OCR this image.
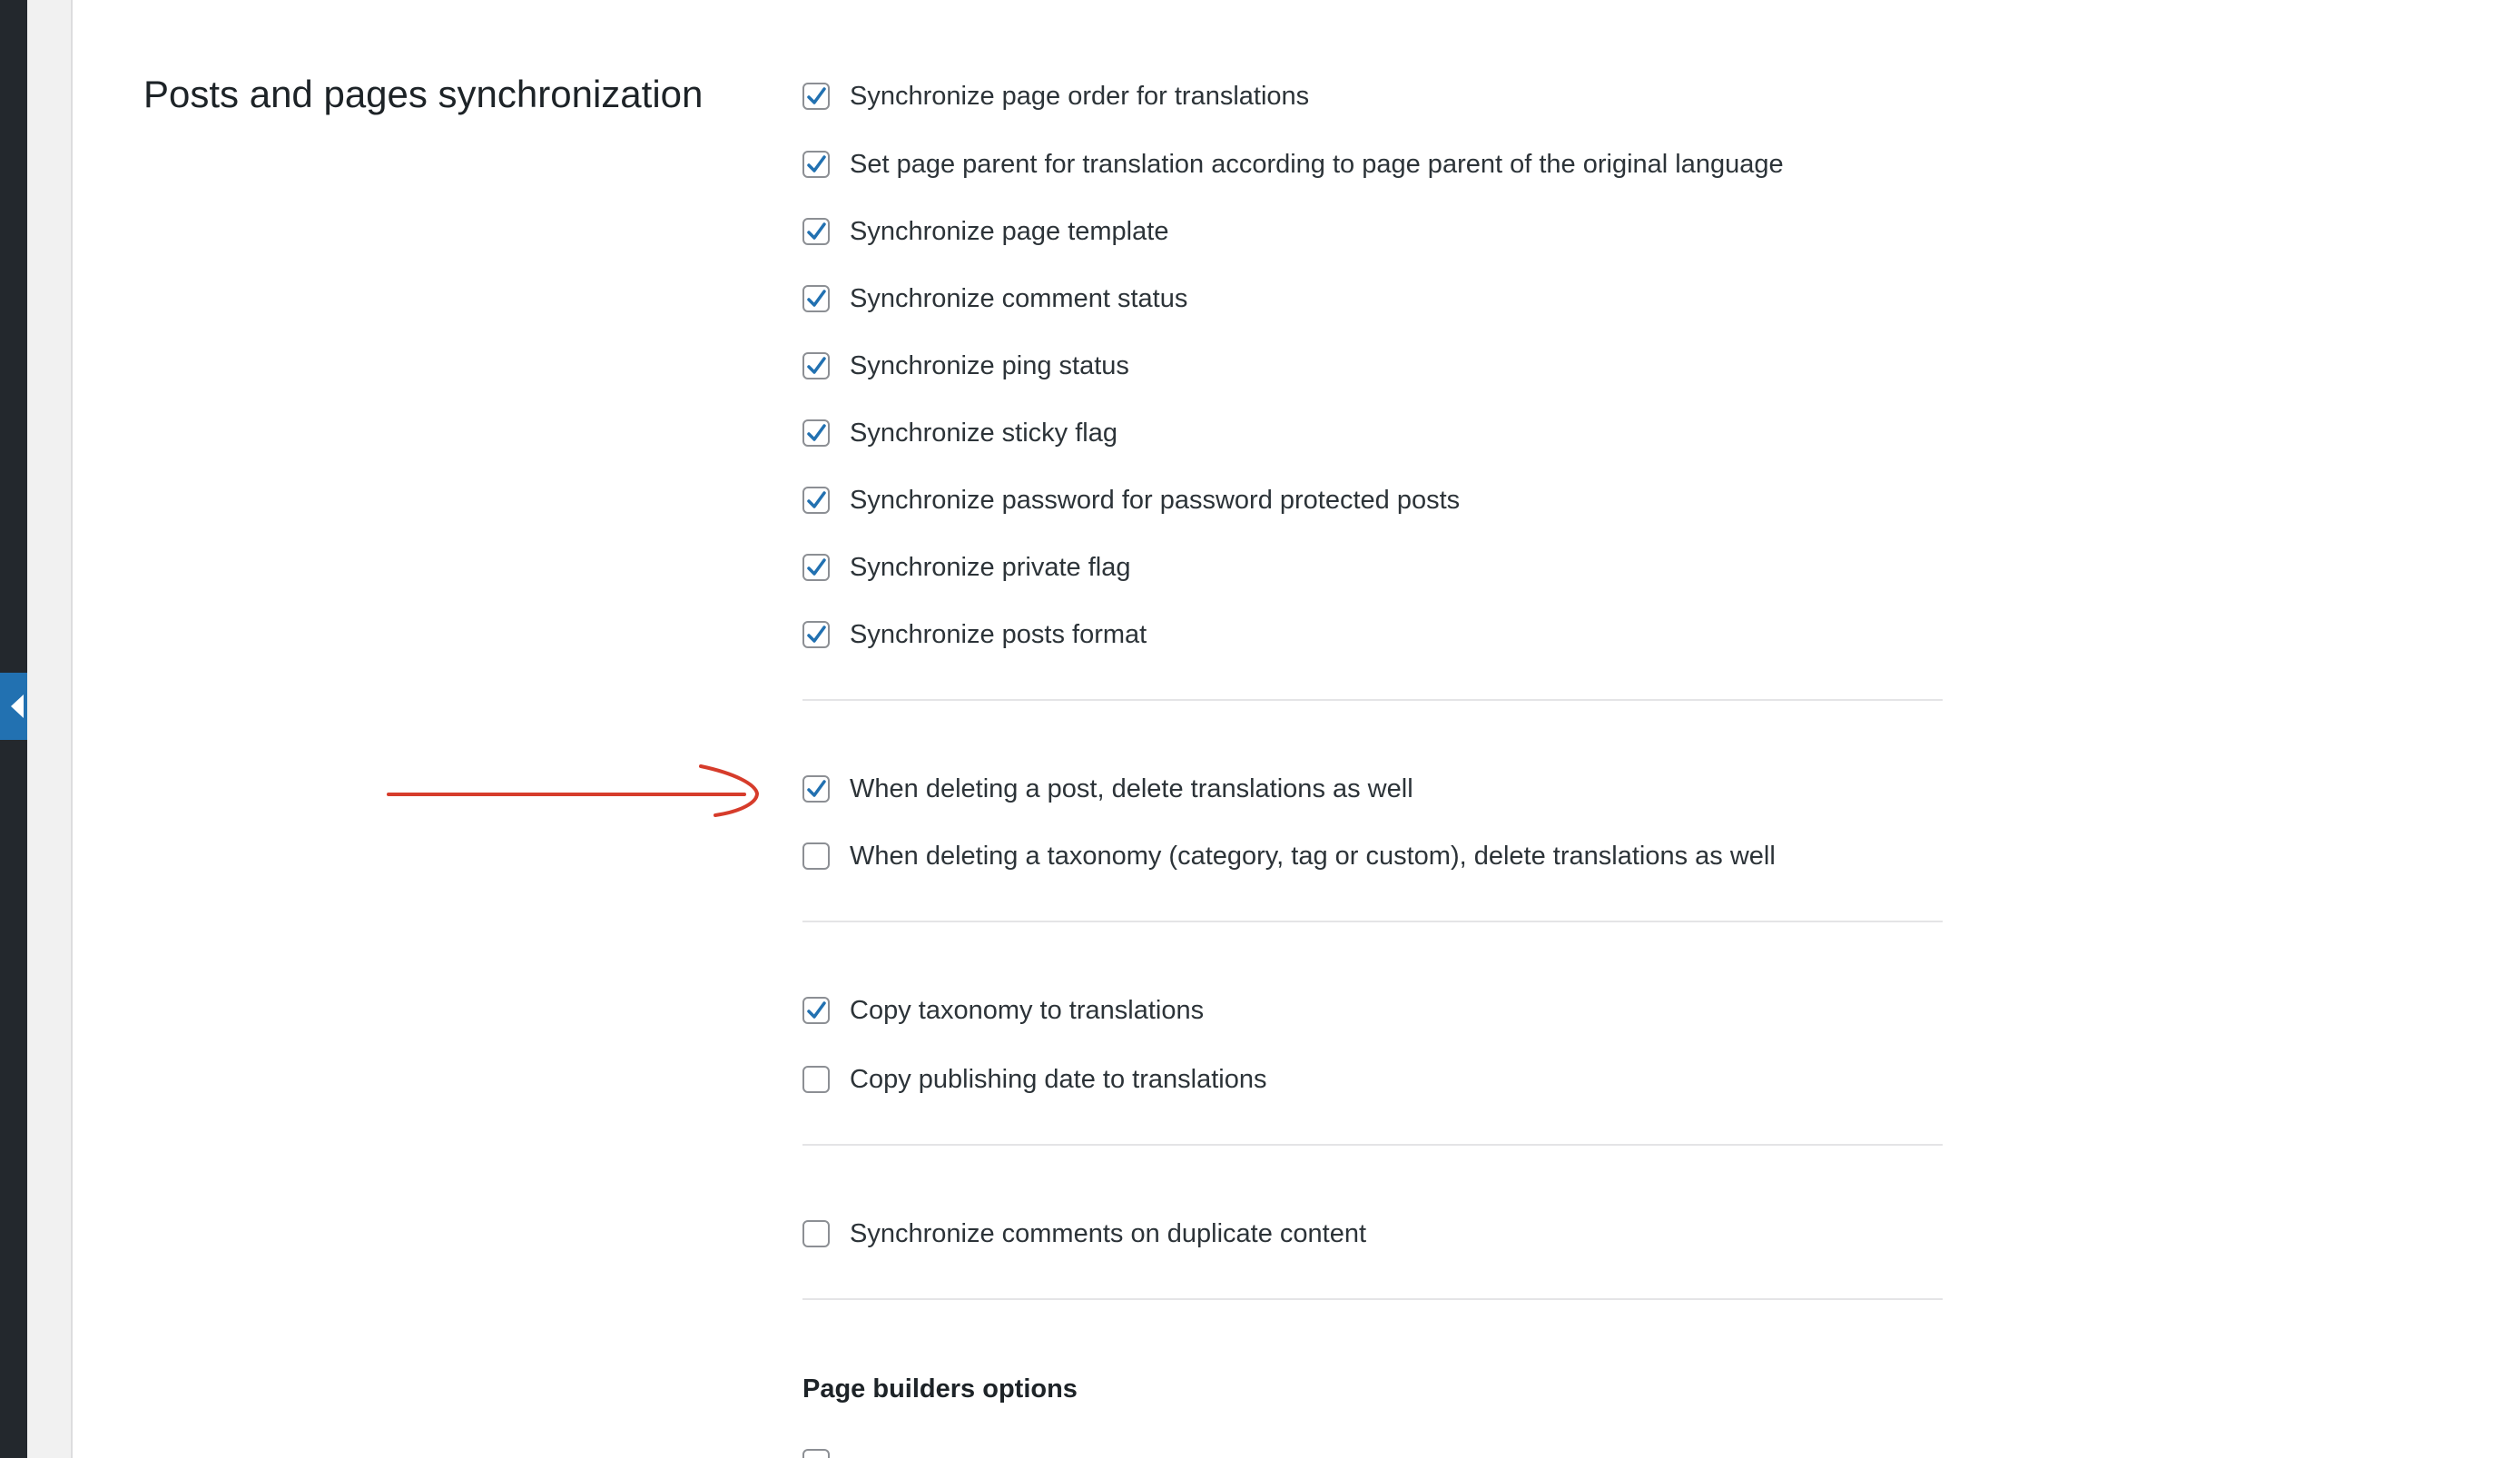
Posts and pages synchronization	Synchronize page order for translations
Set page parent for translation according to page parent of the original language
Synchronize page template
Synchronize comment status
Synchronize ping status
Synchronize sticky flag
Synchronize password for password protected posts
Synchronize private flag
Synchronize posts format
When deleting a post, delete translations as well
When deleting a taxonomy (category, tag or custom), delete translations as well
Copy taxonomy to translations
Copy publishing date to translations
Synchronize comments on duplicate content
Page builders options
